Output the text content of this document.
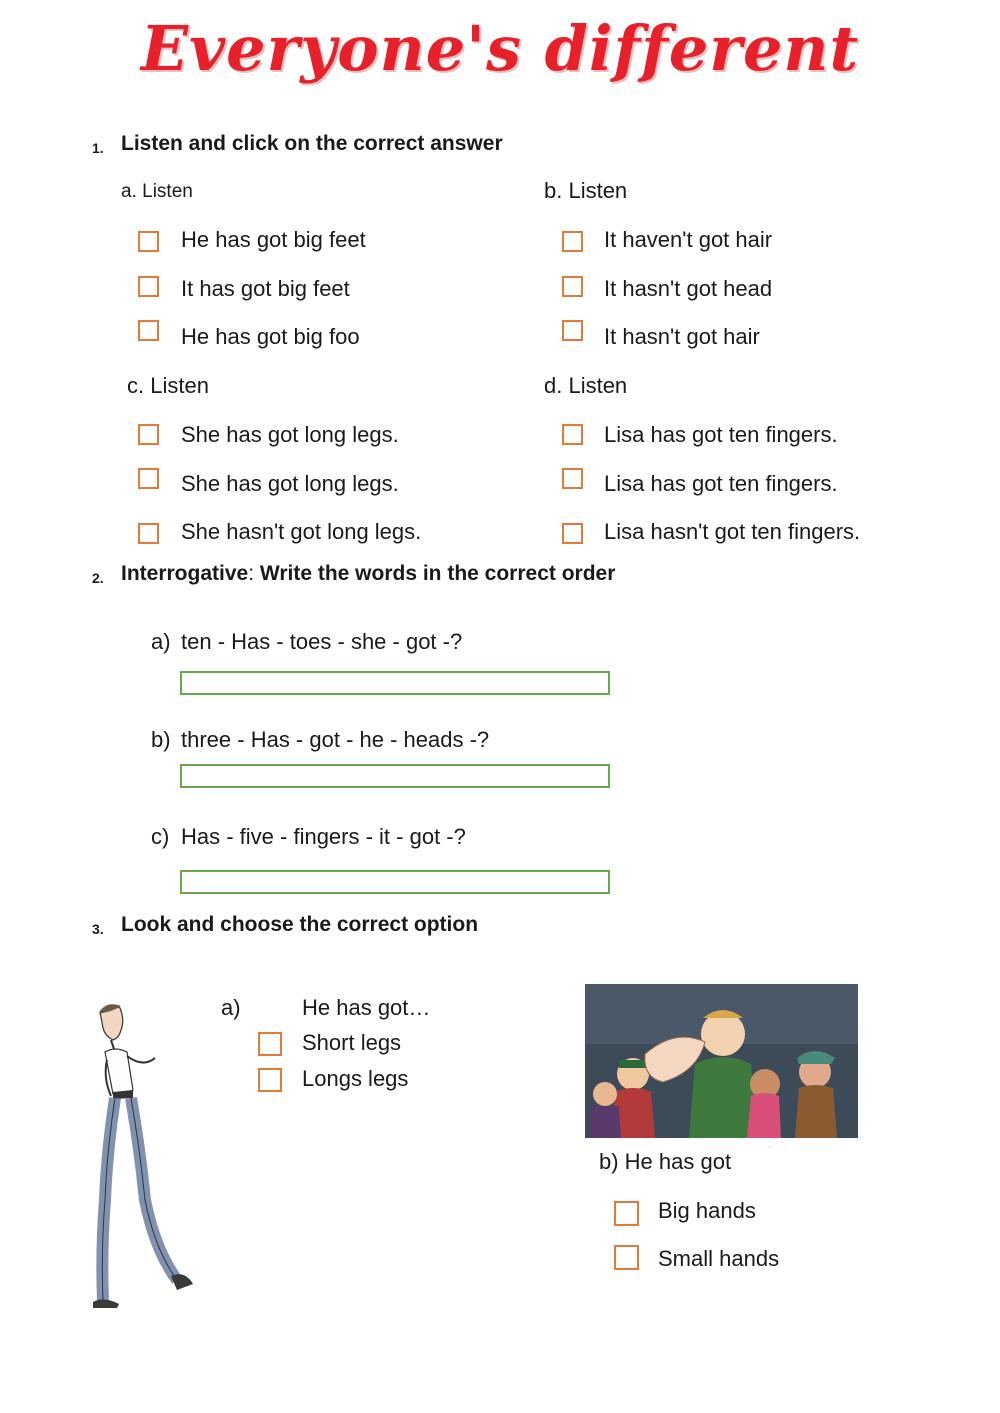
Everyone's different
1. Listen and click on the correct answer
a. Listen
He has got big feet
It has got big feet
He has got big foo
b. Listen
It haven't got hair
It hasn't got head
It hasn't got hair
c. Listen
She has got long legs.
She has got long legs.
She hasn't got long legs.
d. Listen
Lisa has got ten fingers.
Lisa has got ten fingers.
Lisa hasn't got ten fingers.
2. Interrogative: Write the words in the correct order
a) ten - Has - toes - she - got -?
b) three - Has - got - he - heads -?
c) Has - five - fingers - it - got -?
3. Look and choose the correct option
a)	He has got…
Short legs
Longs legs
b) He has got
Big hands
Small hands
